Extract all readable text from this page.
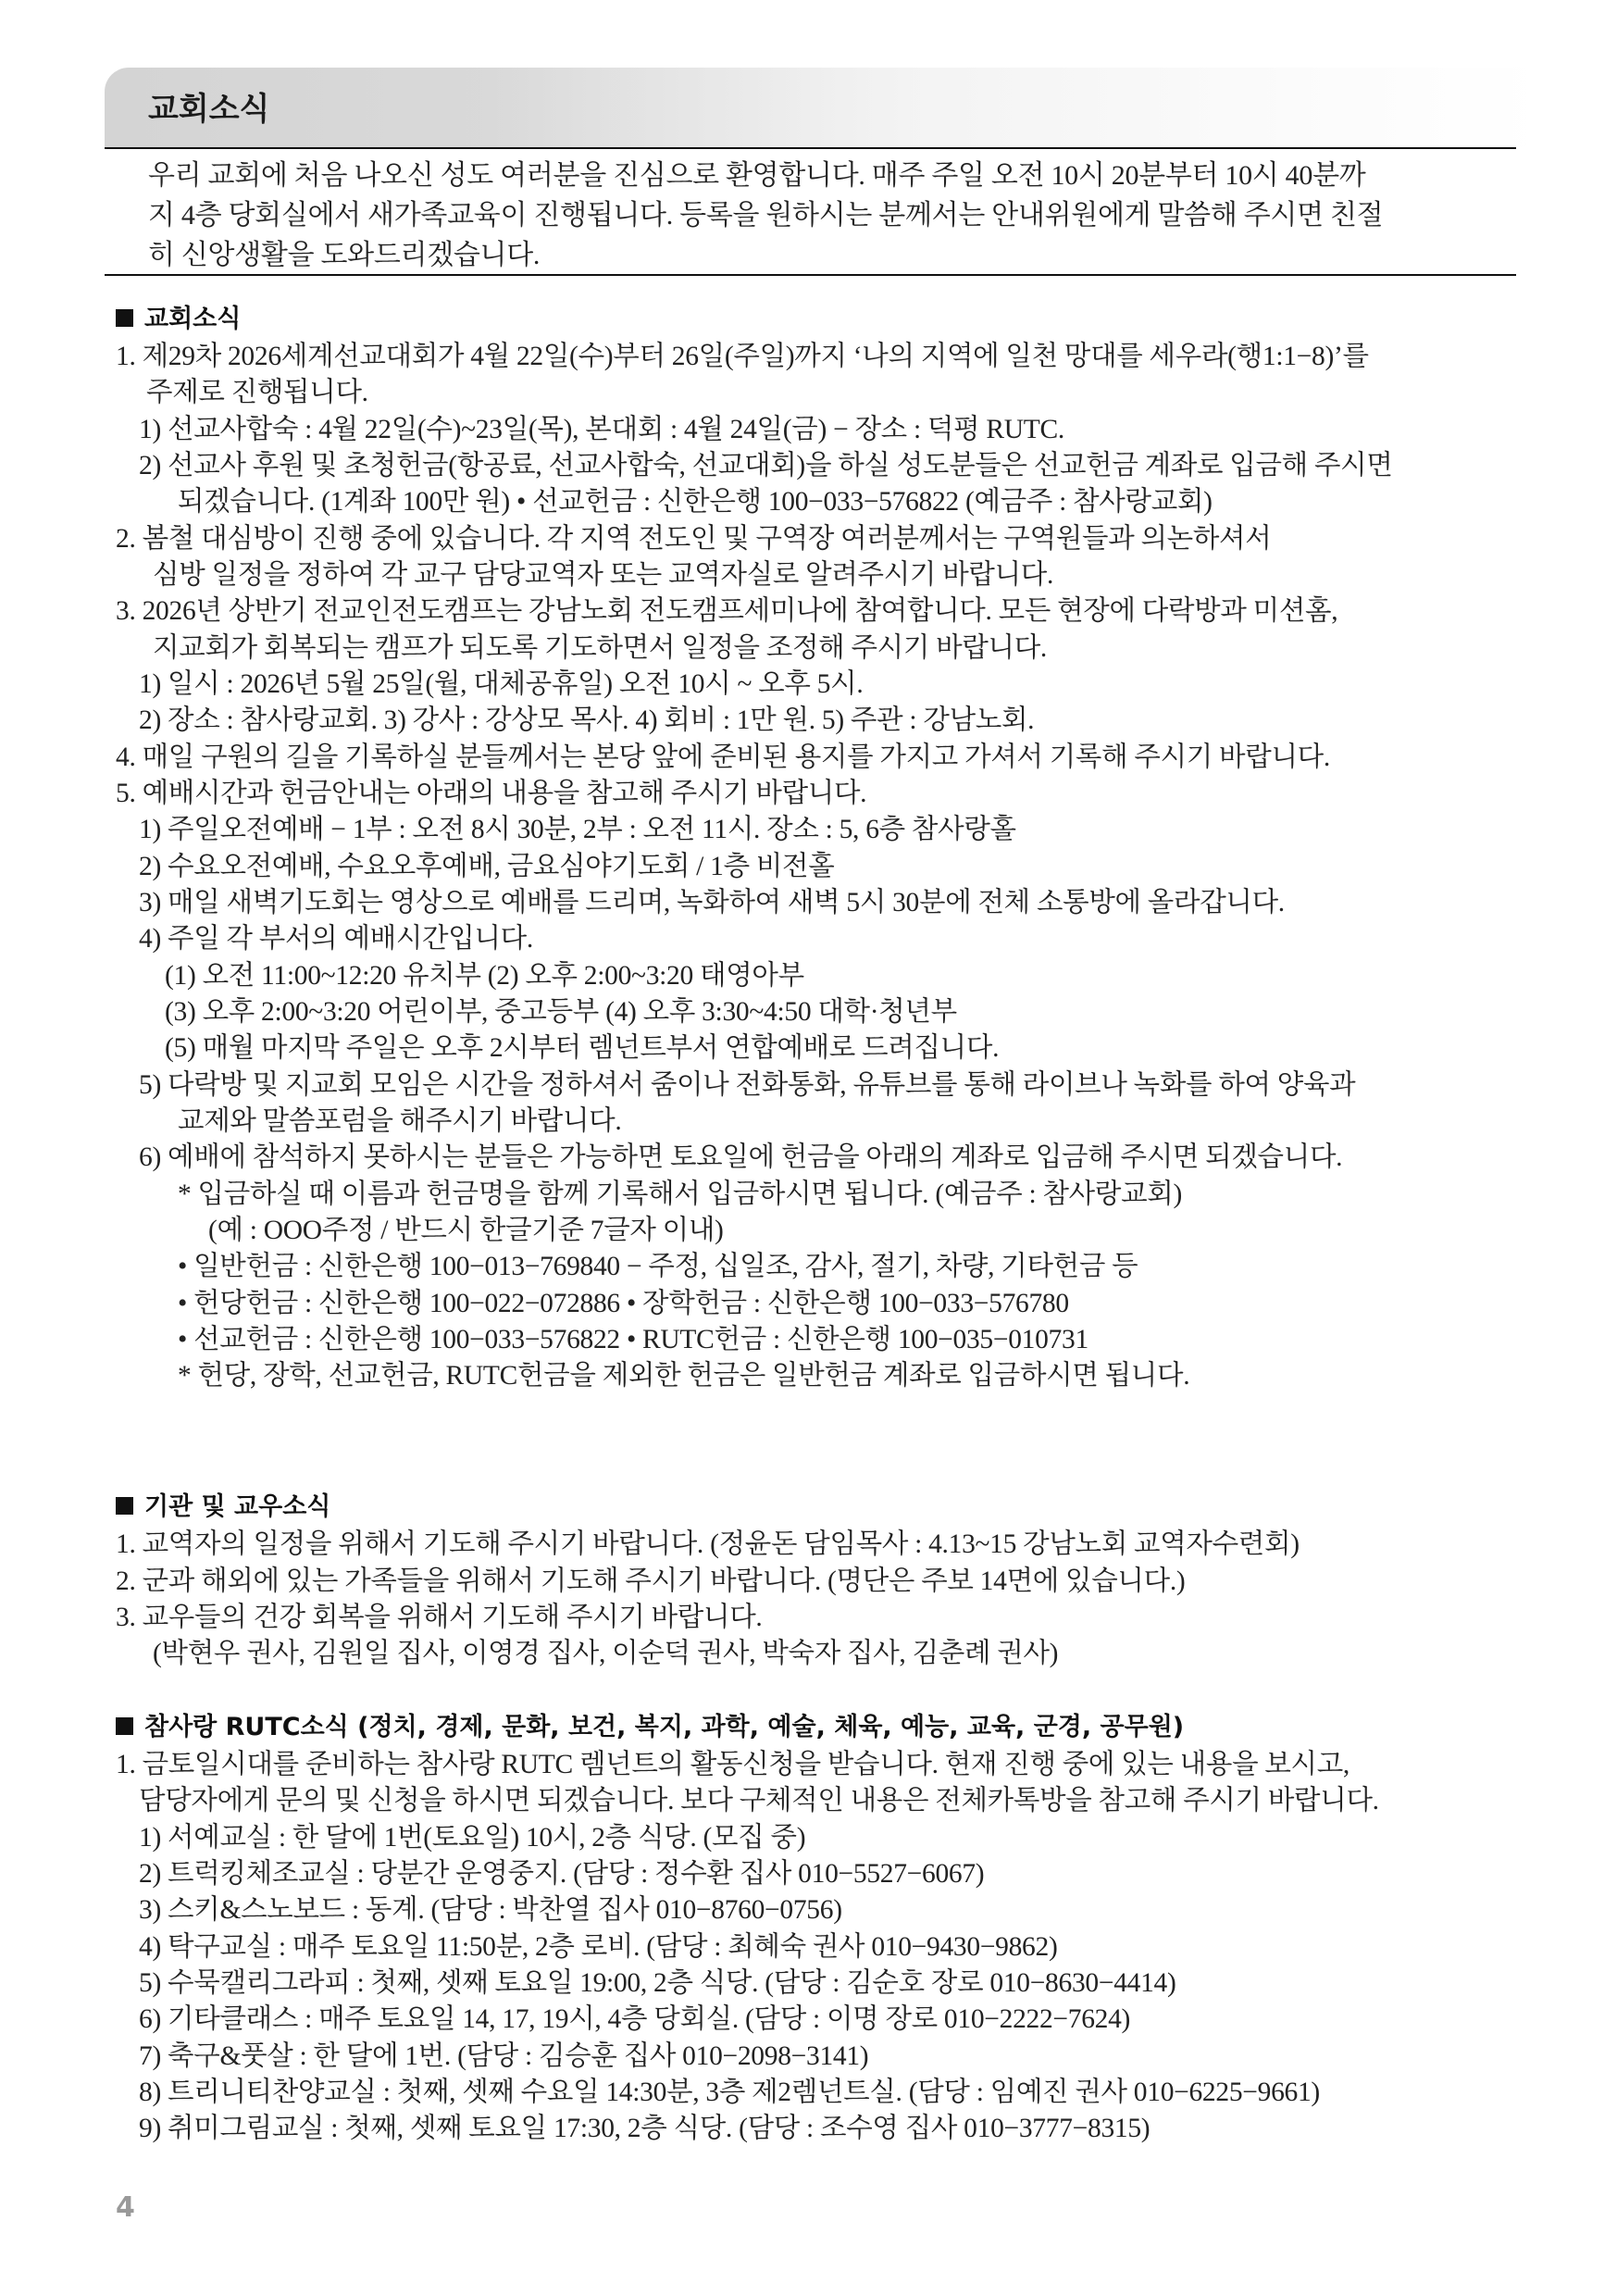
교회소식
우리 교회에 처음 나오신 성도 여러분을 진심으로 환영합니다. 매주 주일 오전 10시 20분부터 10시 40분까
지 4층 당회실에서 새가족교육이 진행됩니다. 등록을 원하시는 분께서는 안내위원에게 말씀해 주시면 친절
히 신앙생활을 도와드리겠습니다.
교회소식
1. 제29차 2026세계선교대회가 4월 22일(수)부터 26일(주일)까지 ‘나의 지역에 일천 망대를 세우라(행1:1−8)’를
주제로 진행됩니다.
1) 선교사합숙 : 4월 22일(수)~23일(목), 본대회 : 4월 24일(금) − 장소 : 덕평 RUTC.
2) 선교사 후원 및 초청헌금(항공료, 선교사합숙, 선교대회)을 하실 성도분들은 선교헌금 계좌로 입금해 주시면
되겠습니다. (1계좌 100만 원) • 선교헌금 : 신한은행 100−033−576822 (예금주 : 참사랑교회)
2. 봄철 대심방이 진행 중에 있습니다. 각 지역 전도인 및 구역장 여러분께서는 구역원들과 의논하셔서
심방 일정을 정하여 각 교구 담당교역자 또는 교역자실로 알려주시기 바랍니다.
3. 2026년 상반기 전교인전도캠프는 강남노회 전도캠프세미나에 참여합니다. 모든 현장에 다락방과 미션홈,
지교회가 회복되는 캠프가 되도록 기도하면서 일정을 조정해 주시기 바랍니다.
1) 일시 : 2026년 5월 25일(월, 대체공휴일) 오전 10시 ~ 오후 5시.
2) 장소 : 참사랑교회. 3) 강사 : 강상모 목사. 4) 회비 : 1만 원. 5) 주관 : 강남노회.
4. 매일 구원의 길을 기록하실 분들께서는 본당 앞에 준비된 용지를 가지고 가셔서 기록해 주시기 바랍니다.
5. 예배시간과 헌금안내는 아래의 내용을 참고해 주시기 바랍니다.
1) 주일오전예배 − 1부 : 오전 8시 30분, 2부 : 오전 11시. 장소 : 5, 6층 참사랑홀
2) 수요오전예배, 수요오후예배, 금요심야기도회 / 1층 비전홀
3) 매일 새벽기도회는 영상으로 예배를 드리며, 녹화하여 새벽 5시 30분에 전체 소통방에 올라갑니다.
4) 주일 각 부서의 예배시간입니다.
(1) 오전 11:00~12:20 유치부 (2) 오후 2:00~3:20 태영아부
(3) 오후 2:00~3:20 어린이부, 중고등부 (4) 오후 3:30~4:50 대학·청년부
(5) 매월 마지막 주일은 오후 2시부터 렘넌트부서 연합예배로 드려집니다.
5) 다락방 및 지교회 모임은 시간을 정하셔서 줌이나 전화통화, 유튜브를 통해 라이브나 녹화를 하여 양육과
교제와 말씀포럼을 해주시기 바랍니다.
6) 예배에 참석하지 못하시는 분들은 가능하면 토요일에 헌금을 아래의 계좌로 입금해 주시면 되겠습니다.
* 입금하실 때 이름과 헌금명을 함께 기록해서 입금하시면 됩니다. (예금주 : 참사랑교회)
(예 : OOO주정 / 반드시 한글기준 7글자 이내)
• 일반헌금 : 신한은행 100−013−769840 − 주정, 십일조, 감사, 절기, 차량, 기타헌금 등
• 헌당헌금 : 신한은행 100−022−072886 • 장학헌금 : 신한은행 100−033−576780
• 선교헌금 : 신한은행 100−033−576822 • RUTC헌금 : 신한은행 100−035−010731
* 헌당, 장학, 선교헌금, RUTC헌금을 제외한 헌금은 일반헌금 계좌로 입금하시면 됩니다.
기관 및 교우소식
1. 교역자의 일정을 위해서 기도해 주시기 바랍니다. (정윤돈 담임목사 : 4.13~15 강남노회 교역자수련회)
2. 군과 해외에 있는 가족들을 위해서 기도해 주시기 바랍니다. (명단은 주보 14면에 있습니다.)
3. 교우들의 건강 회복을 위해서 기도해 주시기 바랍니다.
(박현우 권사, 김원일 집사, 이영경 집사, 이순덕 권사, 박숙자 집사, 김춘례 권사)
참사랑 RUTC소식 (정치, 경제, 문화, 보건, 복지, 과학, 예술, 체육, 예능, 교육, 군경, 공무원)
1. 금토일시대를 준비하는 참사랑 RUTC 렘넌트의 활동신청을 받습니다. 현재 진행 중에 있는 내용을 보시고,
담당자에게 문의 및 신청을 하시면 되겠습니다. 보다 구체적인 내용은 전체카톡방을 참고해 주시기 바랍니다.
1) 서예교실 : 한 달에 1번(토요일) 10시, 2층 식당. (모집 중)
2) 트럭킹체조교실 : 당분간 운영중지. (담당 : 정수환 집사 010−5527−6067)
3) 스키&스노보드 : 동계. (담당 : 박찬열 집사 010−8760−0756)
4) 탁구교실 : 매주 토요일 11:50분, 2층 로비. (담당 : 최혜숙 권사 010−9430−9862)
5) 수묵캘리그라피 : 첫째, 셋째 토요일 19:00, 2층 식당. (담당 : 김순호 장로 010−8630−4414)
6) 기타클래스 : 매주 토요일 14, 17, 19시, 4층 당회실. (담당 : 이명 장로 010−2222−7624)
7) 축구&풋살 : 한 달에 1번. (담당 : 김승훈 집사 010−2098−3141)
8) 트리니티찬양교실 : 첫째, 셋째 수요일 14:30분, 3층 제2렘넌트실. (담당 : 임예진 권사 010−6225−9661)
9) 취미그림교실 : 첫째, 셋째 토요일 17:30, 2층 식당. (담당 : 조수영 집사 010−3777−8315)
4
